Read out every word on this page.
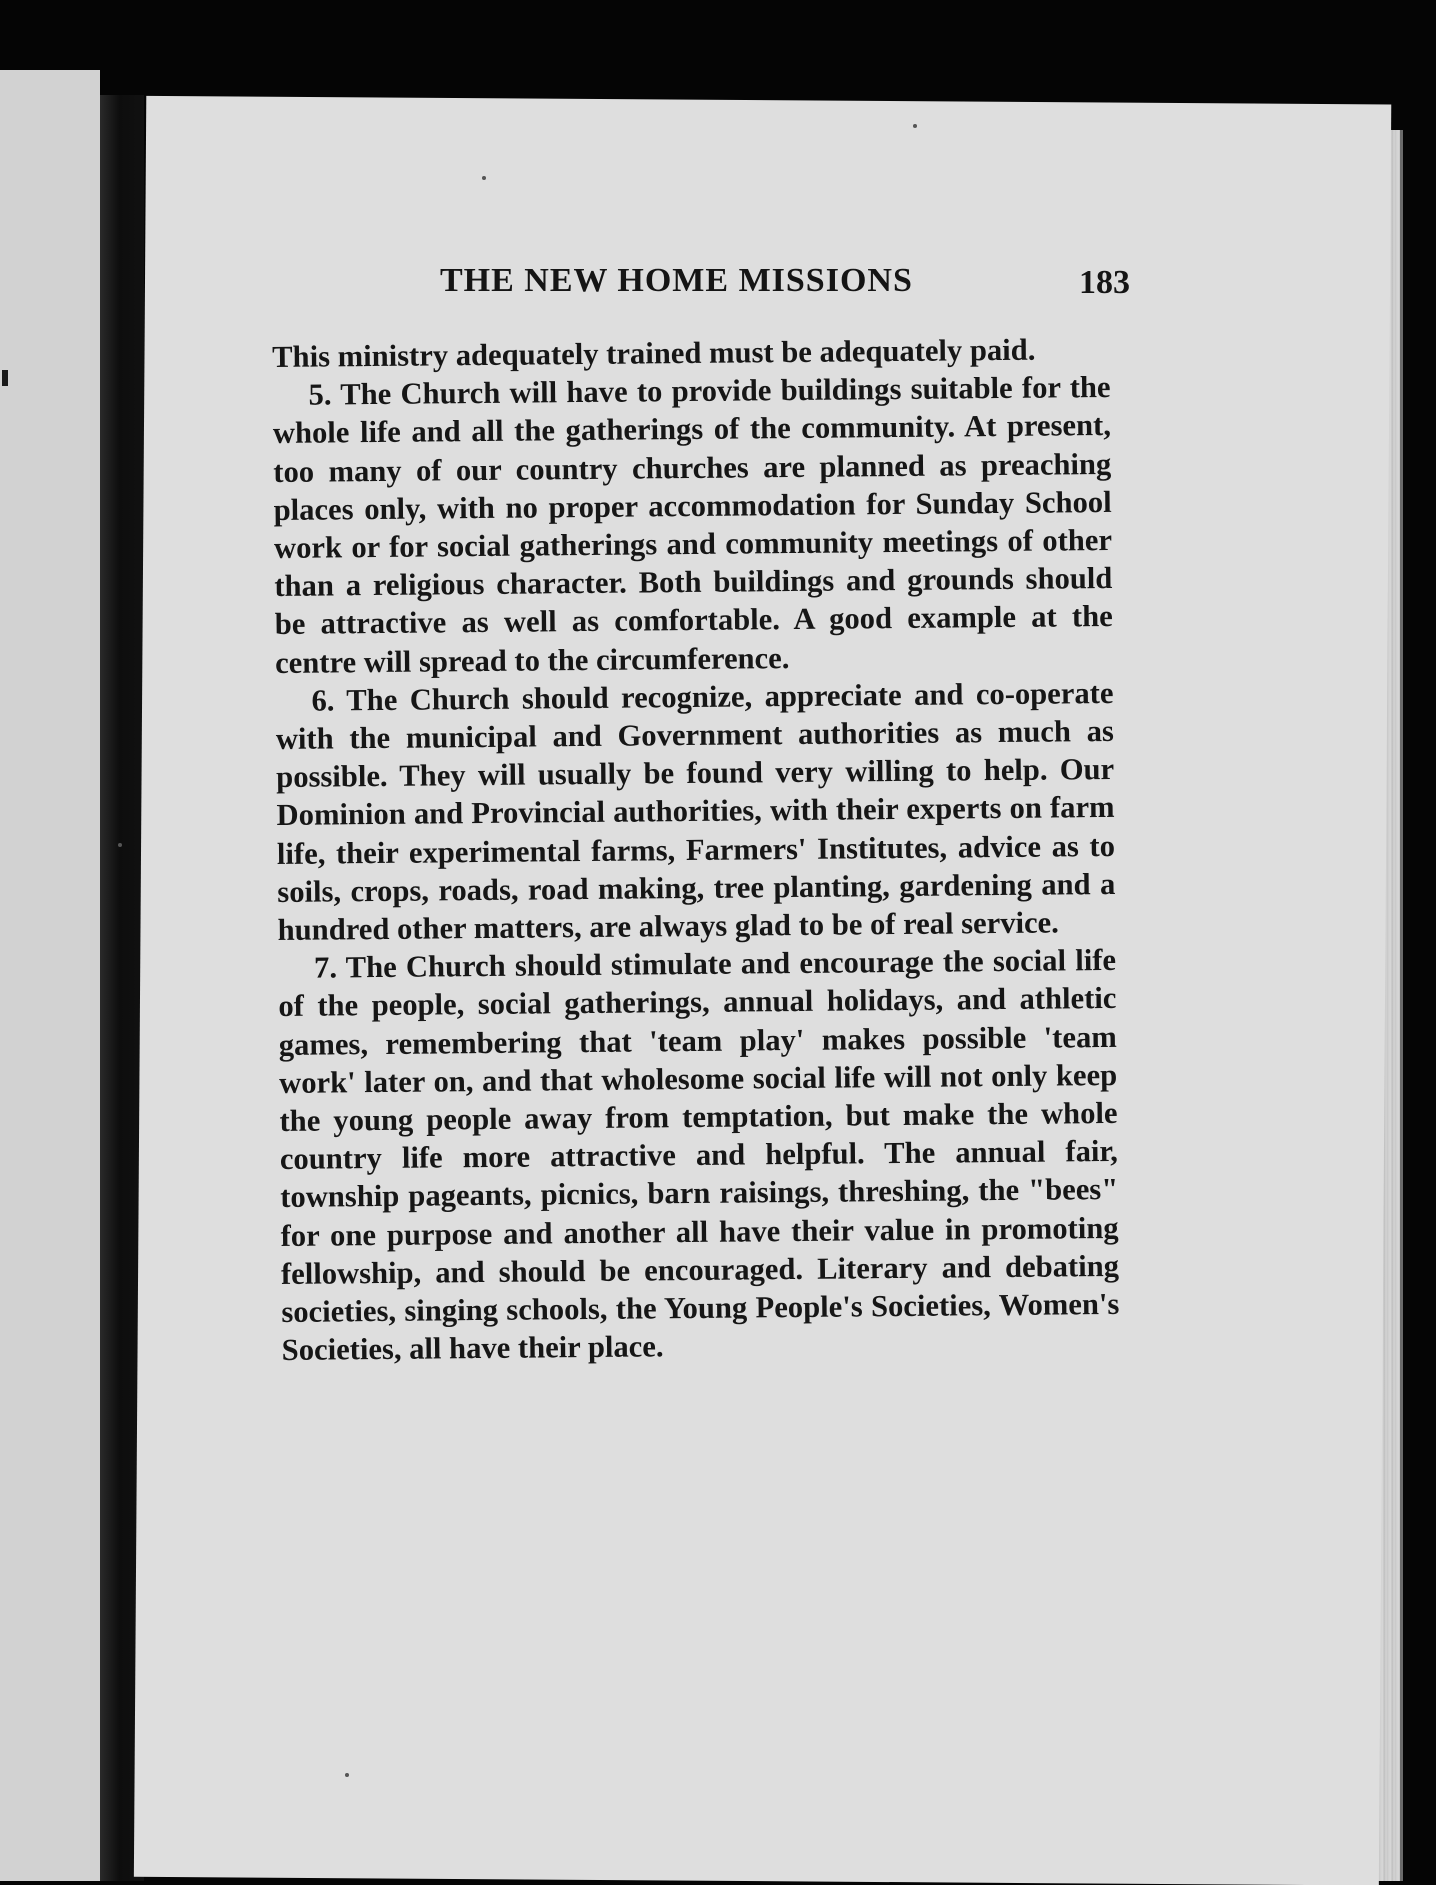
THE NEW HOME MISSIONS	183

This ministry adequately trained must be adequately paid.

5. The Church will have to provide buildings suitable for the whole life and all the gatherings of the community. At present, too many of our country churches are planned as preaching places only, with no proper accommodation for Sunday School work or for social gatherings and community meetings of other than a religious character. Both buildings and grounds should be attractive as well as comfortable. A good example at the centre will spread to the circumference.

6. The Church should recognize, appreciate and co-operate with the municipal and Government authorities as much as possible. They will usually be found very willing to help. Our Dominion and Provincial authorities, with their experts on farm life, their experimental farms, Farmers' Institutes, advice as to soils, crops, roads, road making, tree planting, gardening and a hundred other matters, are always glad to be of real service.

7. The Church should stimulate and encourage the social life of the people, social gatherings, annual holidays, and athletic games, remembering that 'team play' makes possible 'team work' later on, and that wholesome social life will not only keep the young people away from temptation, but make the whole country life more attractive and helpful. The annual fair, township pageants, picnics, barn raisings, threshing, the "bees" for one purpose and another all have their value in promoting fellowship, and should be encouraged. Literary and debating societies, singing schools, the Young People's Societies, Women's Societies, all have their place.
